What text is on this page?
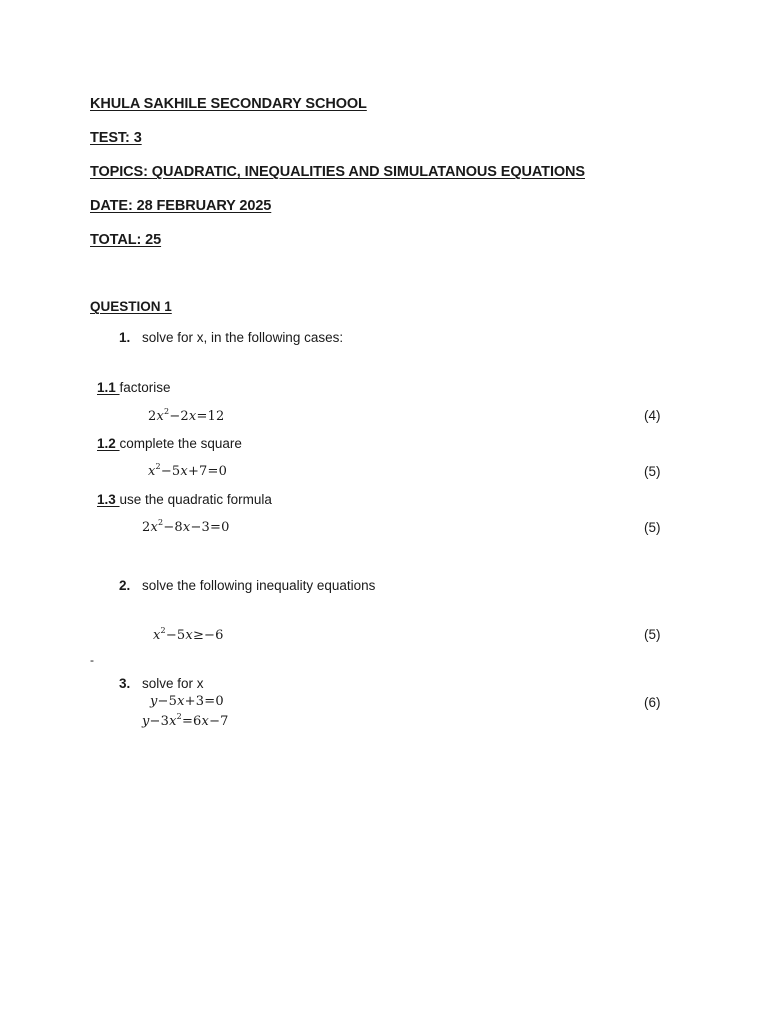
KHULA SAKHILE SECONDARY SCHOOL
TEST: 3
TOPICS: QUADRATIC, INEQUALITIES AND SIMULATANOUS EQUATIONS
DATE: 28 FEBRUARY 2025
TOTAL: 25
QUESTION 1
1. solve for x, in the following cases:
1.1 factorise
$2x^2-2x=12$	(4)
1.2 complete the square
$x^2-5x+7=0$	(5)
1.3 use the quadratic formula
$2x^2-8x-3=0$	(5)
2. solve the following inequality equations
$x^2-5x\ge-6$	(5)
-
3. solve for x
y−5x+3=0
$y-3x^2=6x-7$
(6)
